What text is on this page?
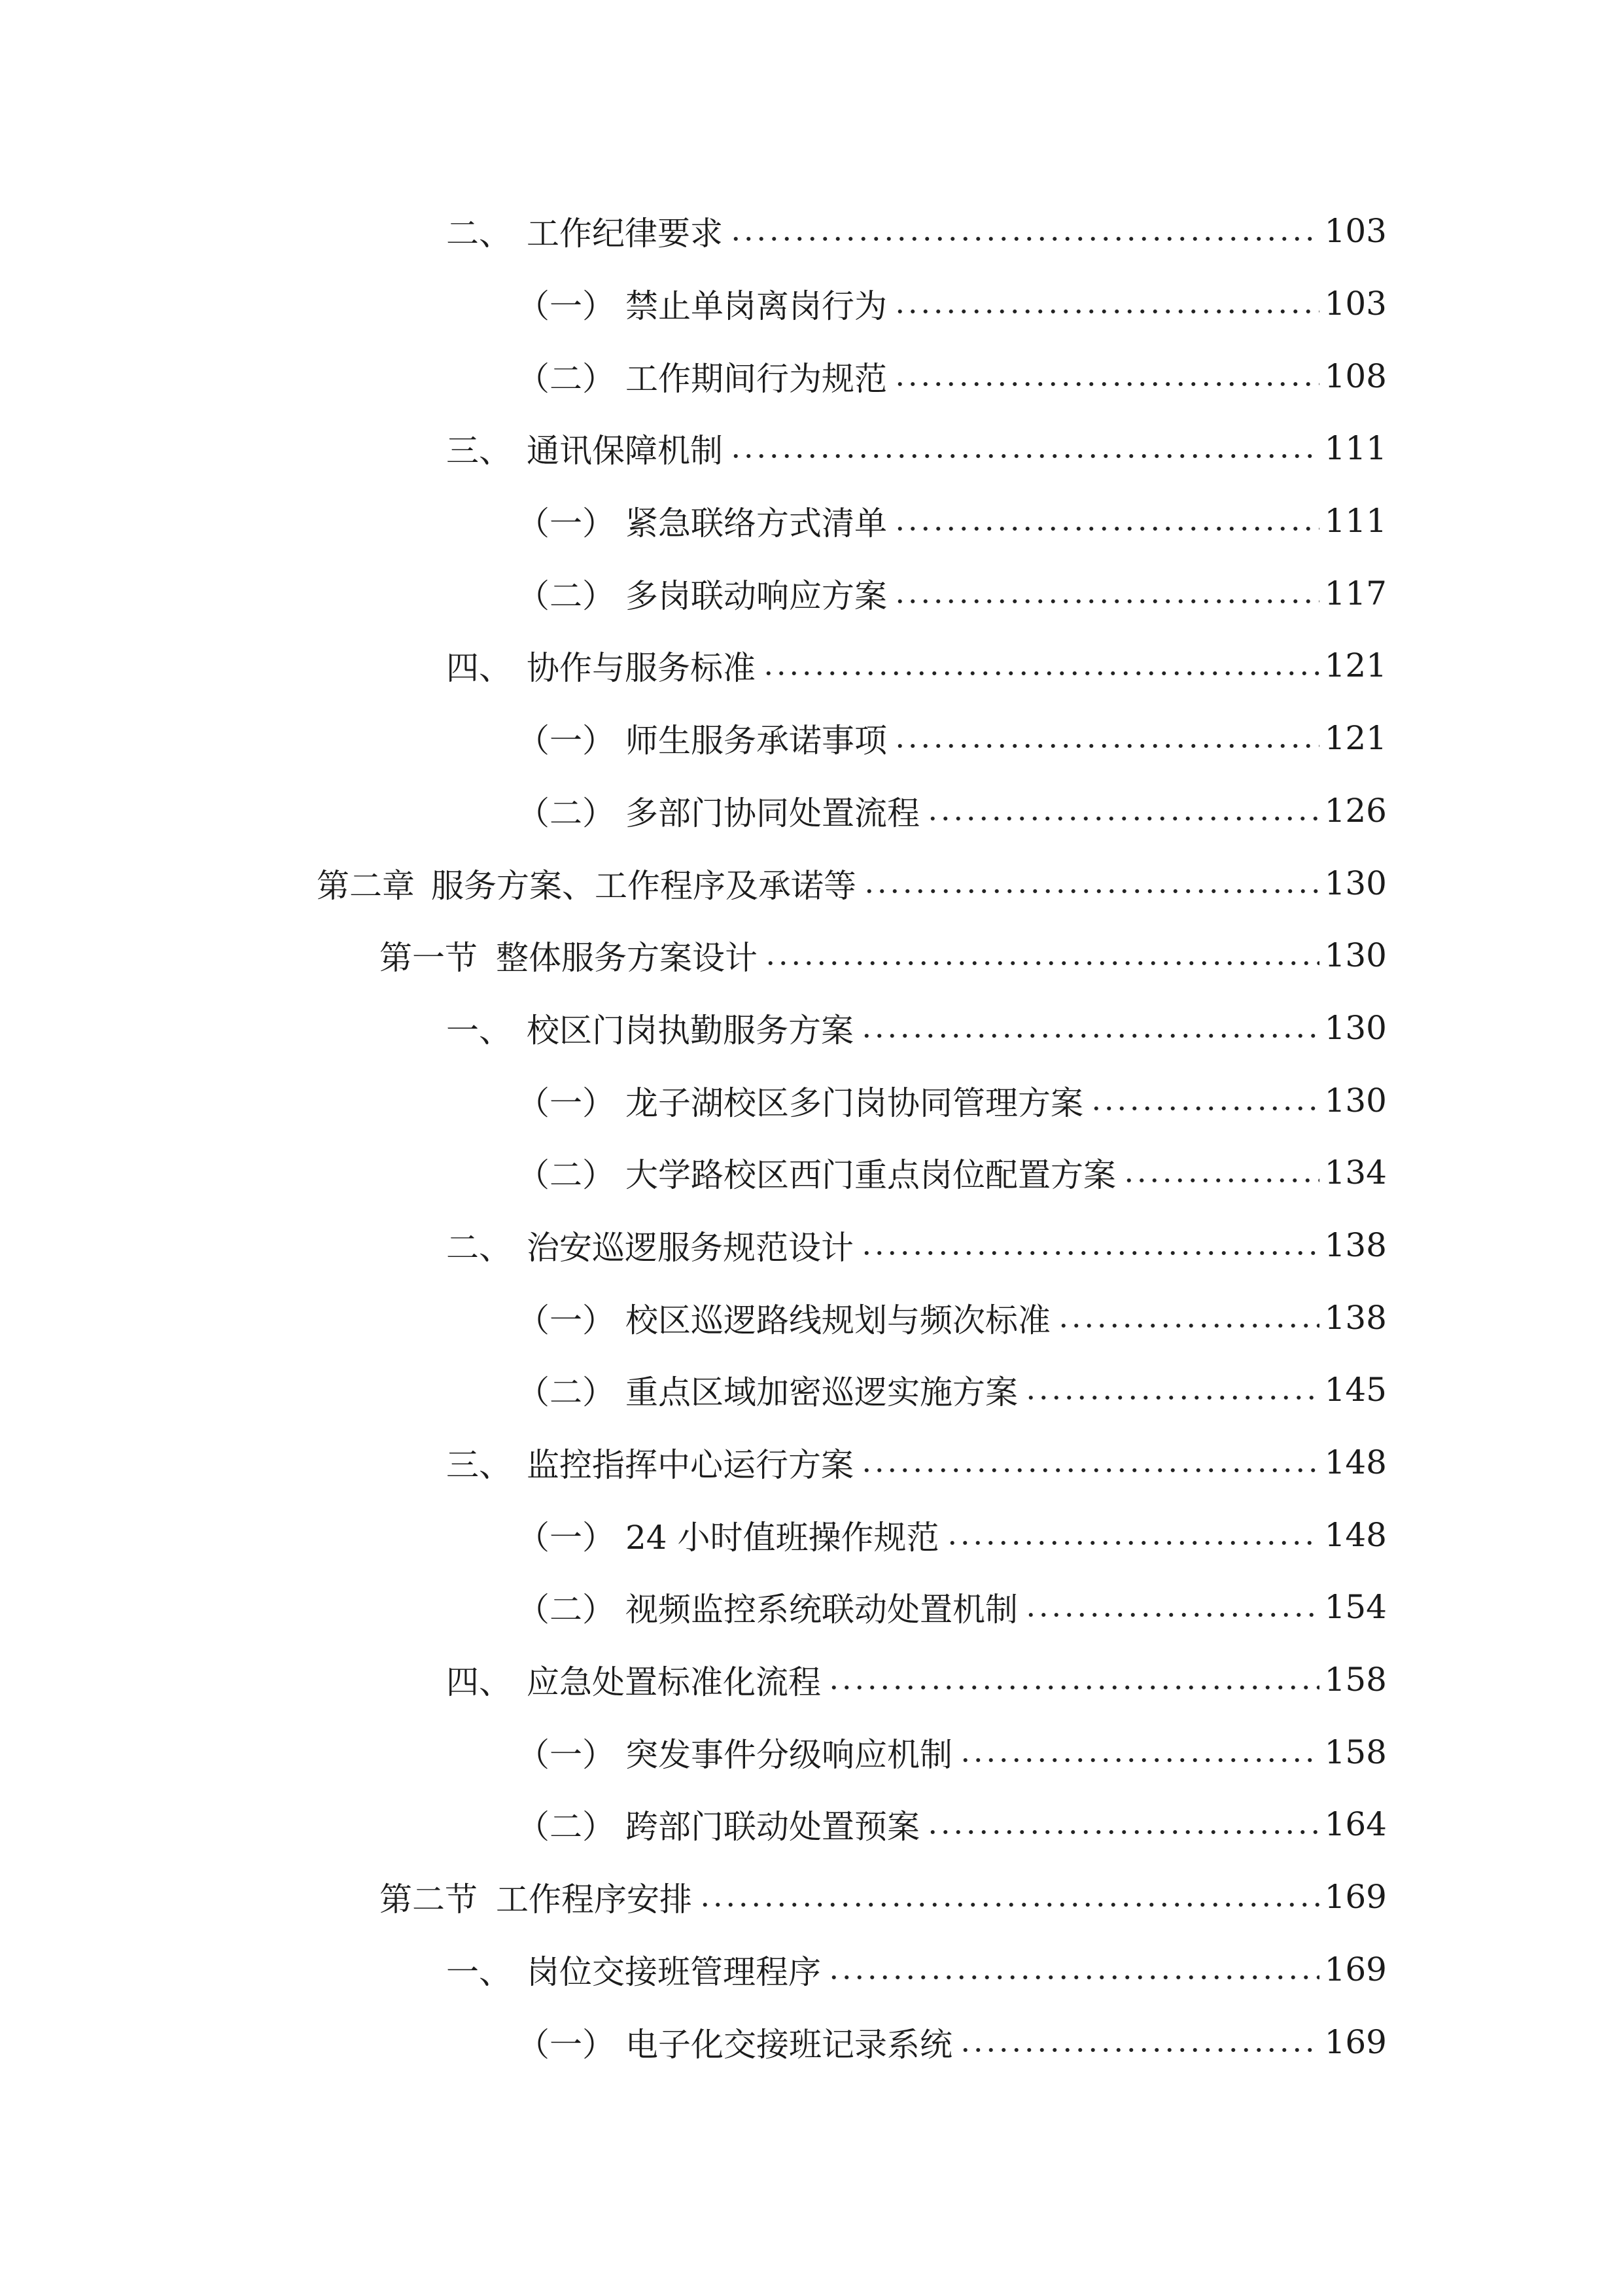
二、 工作纪律要求	103
（一） 禁止单岗离岗行为	103
（二） 工作期间行为规范	108
三、 通讯保障机制	111
（一） 紧急联络方式清单	111
（二） 多岗联动响应方案	117
四、 协作与服务标准	121
（一） 师生服务承诺事项	121
（二） 多部门协同处置流程	126
第二章 服务方案、工作程序及承诺等	130
第一节 整体服务方案设计	130
一、 校区门岗执勤服务方案	130
（一） 龙子湖校区多门岗协同管理方案	130
（二） 大学路校区西门重点岗位配置方案	134
二、 治安巡逻服务规范设计	138
（一） 校区巡逻路线规划与频次标准	138
（二） 重点区域加密巡逻实施方案	145
三、 监控指挥中心运行方案	148
（一） 24 小时值班操作规范	148
（二） 视频监控系统联动处置机制	154
四、 应急处置标准化流程	158
（一） 突发事件分级响应机制	158
（二） 跨部门联动处置预案	164
第二节 工作程序安排	169
一、 岗位交接班管理程序	169
（一） 电子化交接班记录系统	169
